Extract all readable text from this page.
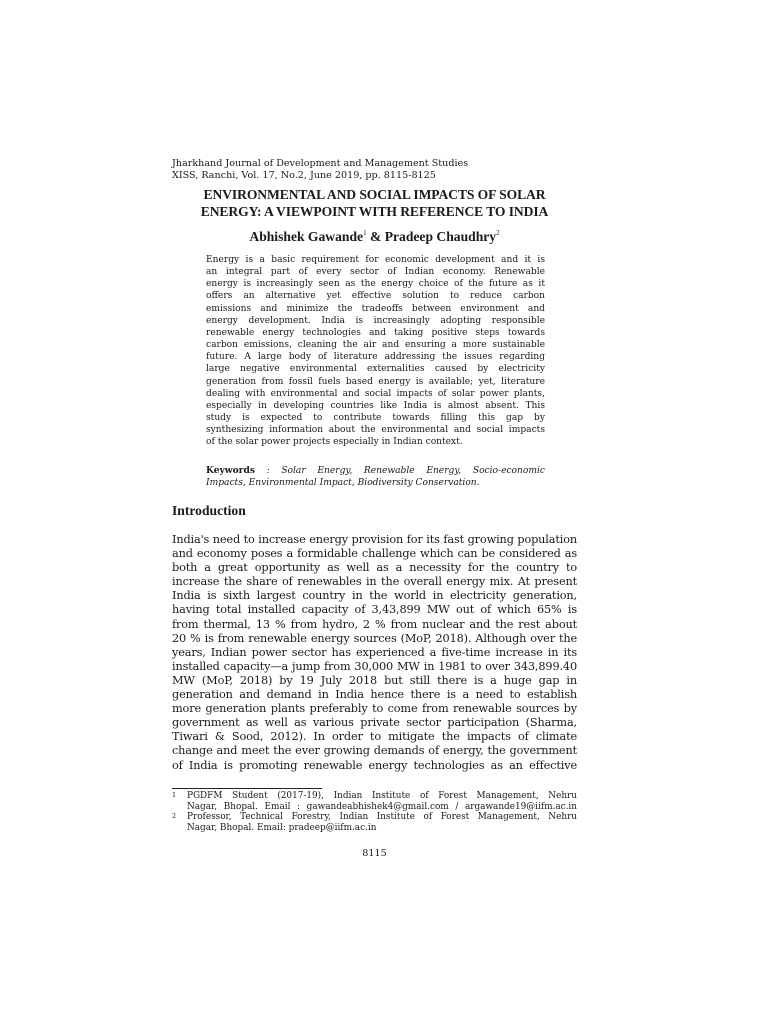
Jharkhand Journal of Development and Management Studies
XISS, Ranchi, Vol. 17, No.2, June 2019, pp. 8115-8125
ENVIRONMENTAL AND SOCIAL IMPACTS OF SOLAR
ENERGY: A VIEWPOINT WITH REFERENCE TO INDIA
Abhishek Gawande$^1$ & Pradeep Chaudhry$^2$
Energy is a basic requirement for economic development and it is
an integral part of every sector of Indian economy. Renewable
energy is increasingly seen as the energy choice of the future as it
offers an alternative yet effective solution to reduce carbon
emissions and minimize the tradeoffs between environment and
energy development. India is increasingly adopting responsible
renewable energy technologies and taking positive steps towards
carbon emissions, cleaning the air and ensuring a more sustainable
future. A large body of literature addressing the issues regarding
large negative environmental externalities caused by electricity
generation from fossil fuels based energy is available; yet, literature
dealing with environmental and social impacts of solar power plants,
especially in developing countries like India is almost absent. This
study is expected to contribute towards filling this gap by
synthesizing information about the environmental and social impacts
of the solar power projects especially in Indian context.
Keywords : Solar Energy, Renewable Energy, Socio-economic
Impacts, Environmental Impact, Biodiversity Conservation.
Introduction
India's need to increase energy provision for its fast growing population
and economy poses a formidable challenge which can be considered as
both a great opportunity as well as a necessity for the country to
increase the share of renewables in the overall energy mix. At present
India is sixth largest country in the world in electricity generation,
having total installed capacity of 3,43,899 MW out of which 65% is
from thermal, 13 % from hydro, 2 % from nuclear and the rest about
20 % is from renewable energy sources (MoP, 2018). Although over the
years, Indian power sector has experienced a five-time increase in its
installed capacity—a jump from 30,000 MW in 1981 to over 343,899.40
MW (MoP, 2018) by 19 July 2018 but still there is a huge gap in
generation and demand in India hence there is a need to establish
more generation plants preferably to come from renewable sources by
government as well as various private sector participation (Sharma,
Tiwari & Sood, 2012). In order to mitigate the impacts of climate
change and meet the ever growing demands of energy, the government
of India is promoting renewable energy technologies as an effective
1 PGDFM Student (2017-19), Indian Institute of Forest Management, Nehru
Nagar, Bhopal. Email : gawandeabhishek4@gmail.com / argawande19@iifm.ac.in
2 Professor, Technical Forestry, Indian Institute of Forest Management, Nehru
Nagar, Bhopal. Email: pradeep@iifm.ac.in
8115
